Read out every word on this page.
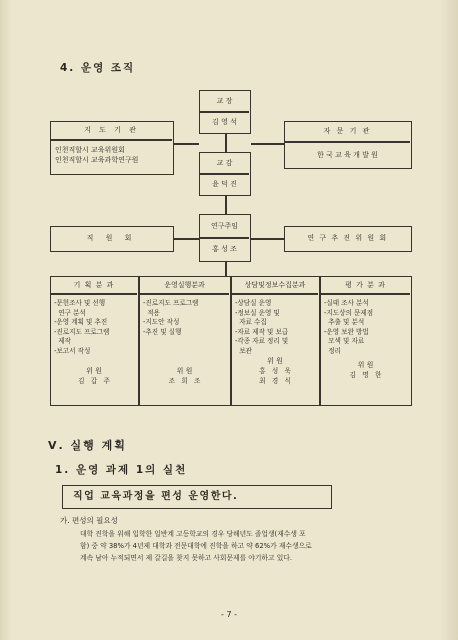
4. 운영 조직
교 장
김 영 석
지 도 기 관
인천직할시 교육위원회
인천직할시 교육과학연구원
자 문 기 관
한 국 교 육 개 발 원
교 감
윤 덕 진
직 원 회
연구주임
홍 성 조
연 구 추 진 위 원 회
기 획 분 과
-문헌조사 및 선행
연구 분석
-운영 계획 및 추진
-진로지도 프로그램
제작
-보고서 작성
위 원
김   갑   주
운영실행분과
-진로지도 프로그램
적용
-지도안 작성
-추진 및 실행
위 원
조   희   조
상담및정보수집분과
-상담실 운영
-정보실 운영 및
자료 수집
-자료 제작 및 보급
-각종 자료 정리 및
보관
위 원
홍   성   욱
최   경   식
평 가 분 과
-실태 조사 분석
-지도상의 문제점
추출 및 분석
-운영 보완 방법
모색 및 자료
정리
위 원
김   명   한
Ⅴ. 실행 계획
1. 운영 과제 1의 실천
직업 교육과정을 편성 운영한다.
가. 편성의 필요성
대학 진학을 위해 입학한 일반계 고등학교의 경우 당해년도 졸업생(재수생 포
함) 중 약 38%가 4년제 대학과 전문대학에 진학을 하고 약 62%가 재수생으로
계속 남아 누적되면서 제 갈길을 찾지 못하고 사회문제를 야기하고 있다.
- 7 -
